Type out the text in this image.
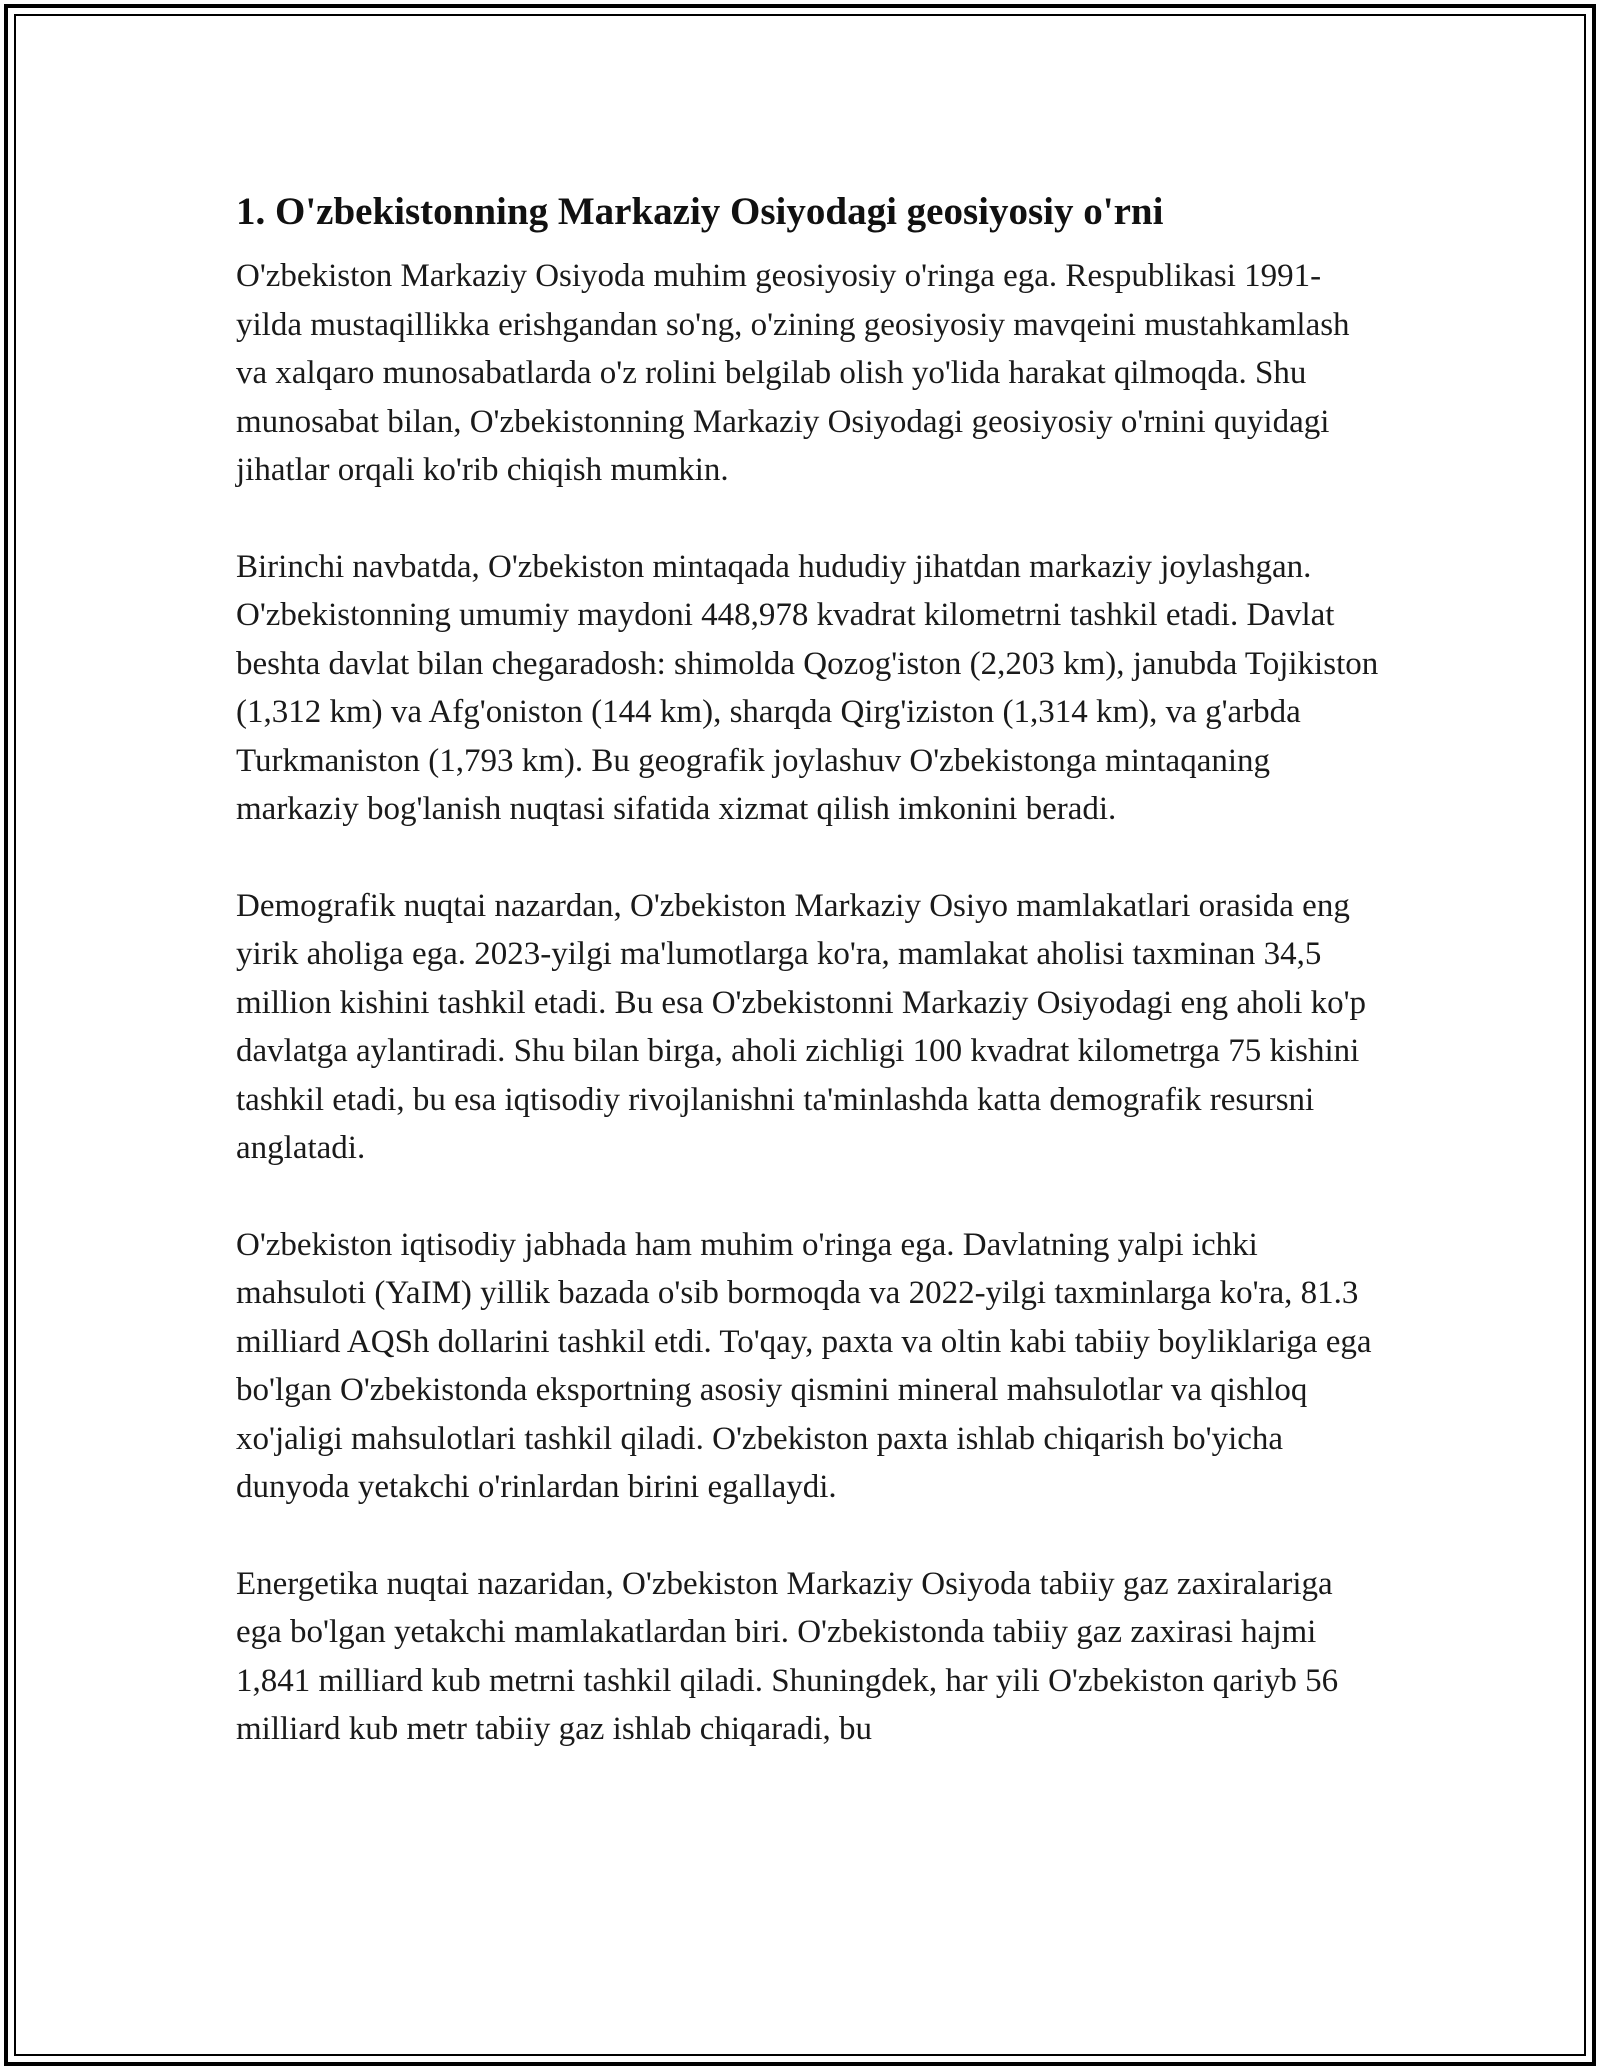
1. O'zbekistonning Markaziy Osiyodagi geosiyosiy o'rni

O'zbekiston Markaziy Osiyoda muhim geosiyosiy o'ringa ega. Respublikasi 1991-yilda mustaqillikka erishgandan so'ng, o'zining geosiyosiy mavqeini mustahkamlash va xalqaro munosabatlarda o'z rolini belgilab olish yo'lida harakat qilmoqda. Shu munosabat bilan, O'zbekistonning Markaziy Osiyodagi geosiyosiy o'rnini quyidagi jihatlar orqali ko'rib chiqish mumkin.

Birinchi navbatda, O'zbekiston mintaqada hududiy jihatdan markaziy joylashgan. O'zbekistonning umumiy maydoni 448,978 kvadrat kilometrni tashkil etadi. Davlat beshta davlat bilan chegaradosh: shimolda Qozog'iston (2,203 km), janubda Tojikiston (1,312 km) va Afg'oniston (144 km), sharqda Qirg'iziston (1,314 km), va g'arbda Turkmaniston (1,793 km). Bu geografik joylashuv O'zbekistonga mintaqaning markaziy bog'lanish nuqtasi sifatida xizmat qilish imkonini beradi.

Demografik nuqtai nazardan, O'zbekiston Markaziy Osiyo mamlakatlari orasida eng yirik aholiga ega. 2023-yilgi ma'lumotlarga ko'ra, mamlakat aholisi taxminan 34,5 million kishini tashkil etadi. Bu esa O'zbekistonni Markaziy Osiyodagi eng aholi ko'p davlatga aylantiradi. Shu bilan birga, aholi zichligi 100 kvadrat kilometrga 75 kishini tashkil etadi, bu esa iqtisodiy rivojlanishni ta'minlashda katta demografik resursni anglatadi.

O'zbekiston iqtisodiy jabhada ham muhim o'ringa ega. Davlatning yalpi ichki mahsuloti (YaIM) yillik bazada o'sib bormoqda va 2022-yilgi taxminlarga ko'ra, 81.3 milliard AQSh dollarini tashkil etdi. To'qay, paxta va oltin kabi tabiiy boyliklariga ega bo'lgan O'zbekistonda eksportning asosiy qismini mineral mahsulotlar va qishloq xo'jaligi mahsulotlari tashkil qiladi. O'zbekiston paxta ishlab chiqarish bo'yicha dunyoda yetakchi o'rinlardan birini egallaydi.

Energetika nuqtai nazaridan, O'zbekiston Markaziy Osiyoda tabiiy gaz zaxiralariga ega bo'lgan yetakchi mamlakatlardan biri. O'zbekistonda tabiiy gaz zaxirasi hajmi 1,841 milliard kub metrni tashkil qiladi. Shuningdek, har yili O'zbekiston qariyb 56 milliard kub metr tabiiy gaz ishlab chiqaradi, bu
